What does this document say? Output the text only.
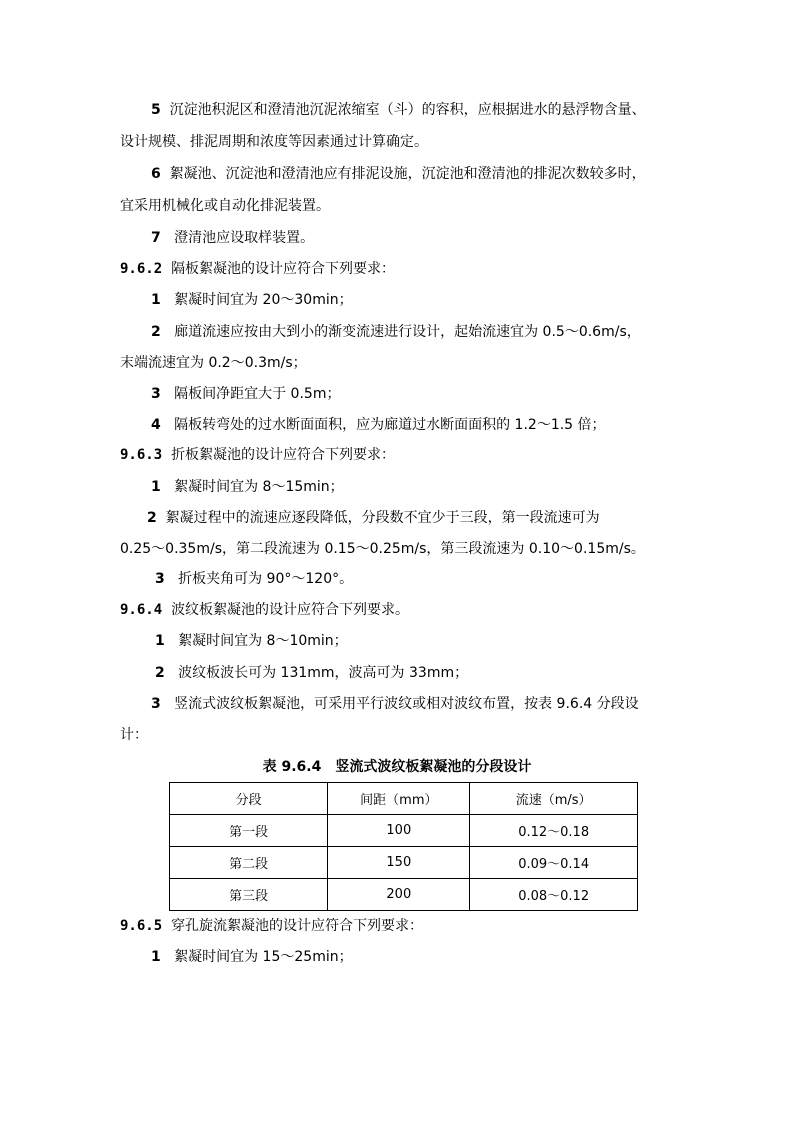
5 沉淀池积泥区和澄清池沉泥浓缩室（斗）的容积，应根据进水的悬浮物含量、
设计规模、排泥周期和浓度等因素通过计算确定。
6 絮凝池、沉淀池和澄清池应有排泥设施，沉淀池和澄清池的排泥次数较多时，
宜采用机械化或自动化排泥装置。
7 澄清池应设取样装置。
9.6.2 隔板絮凝池的设计应符合下列要求：
1 絮凝时间宜为 20～30min；
2 廊道流速应按由大到小的渐变流速进行设计，起始流速宜为 0.5～0.6m/s，
末端流速宜为 0.2～0.3m/s；
3 隔板间净距宜大于 0.5m；
4 隔板转弯处的过水断面面积，应为廊道过水断面面积的 1.2～1.5 倍；
9.6.3 折板絮凝池的设计应符合下列要求：
1 絮凝时间宜为 8～15min；
2 絮凝过程中的流速应逐段降低，分段数不宜少于三段，第一段流速可为
0.25～0.35m/s，第二段流速为 0.15～0.25m/s，第三段流速为 0.10～0.15m/s。
3 折板夹角可为 90°～120°。
9.6.4 波纹板絮凝池的设计应符合下列要求。
1 絮凝时间宜为 8～10min；
2 波纹板波长可为 131mm，波高可为 33mm；
3 竖流式波纹板絮凝池，可采用平行波纹或相对波纹布置，按表 9.6.4 分段设
计：
表 9.6.4　竖流式波纹板絮凝池的分段设计
分段	间距（mm）	流速（m/s）
第一段	100	0.12～0.18
第二段	150	0.09～0.14
第三段	200	0.08～0.12
9.6.5 穿孔旋流絮凝池的设计应符合下列要求：
1 絮凝时间宜为 15～25min；
